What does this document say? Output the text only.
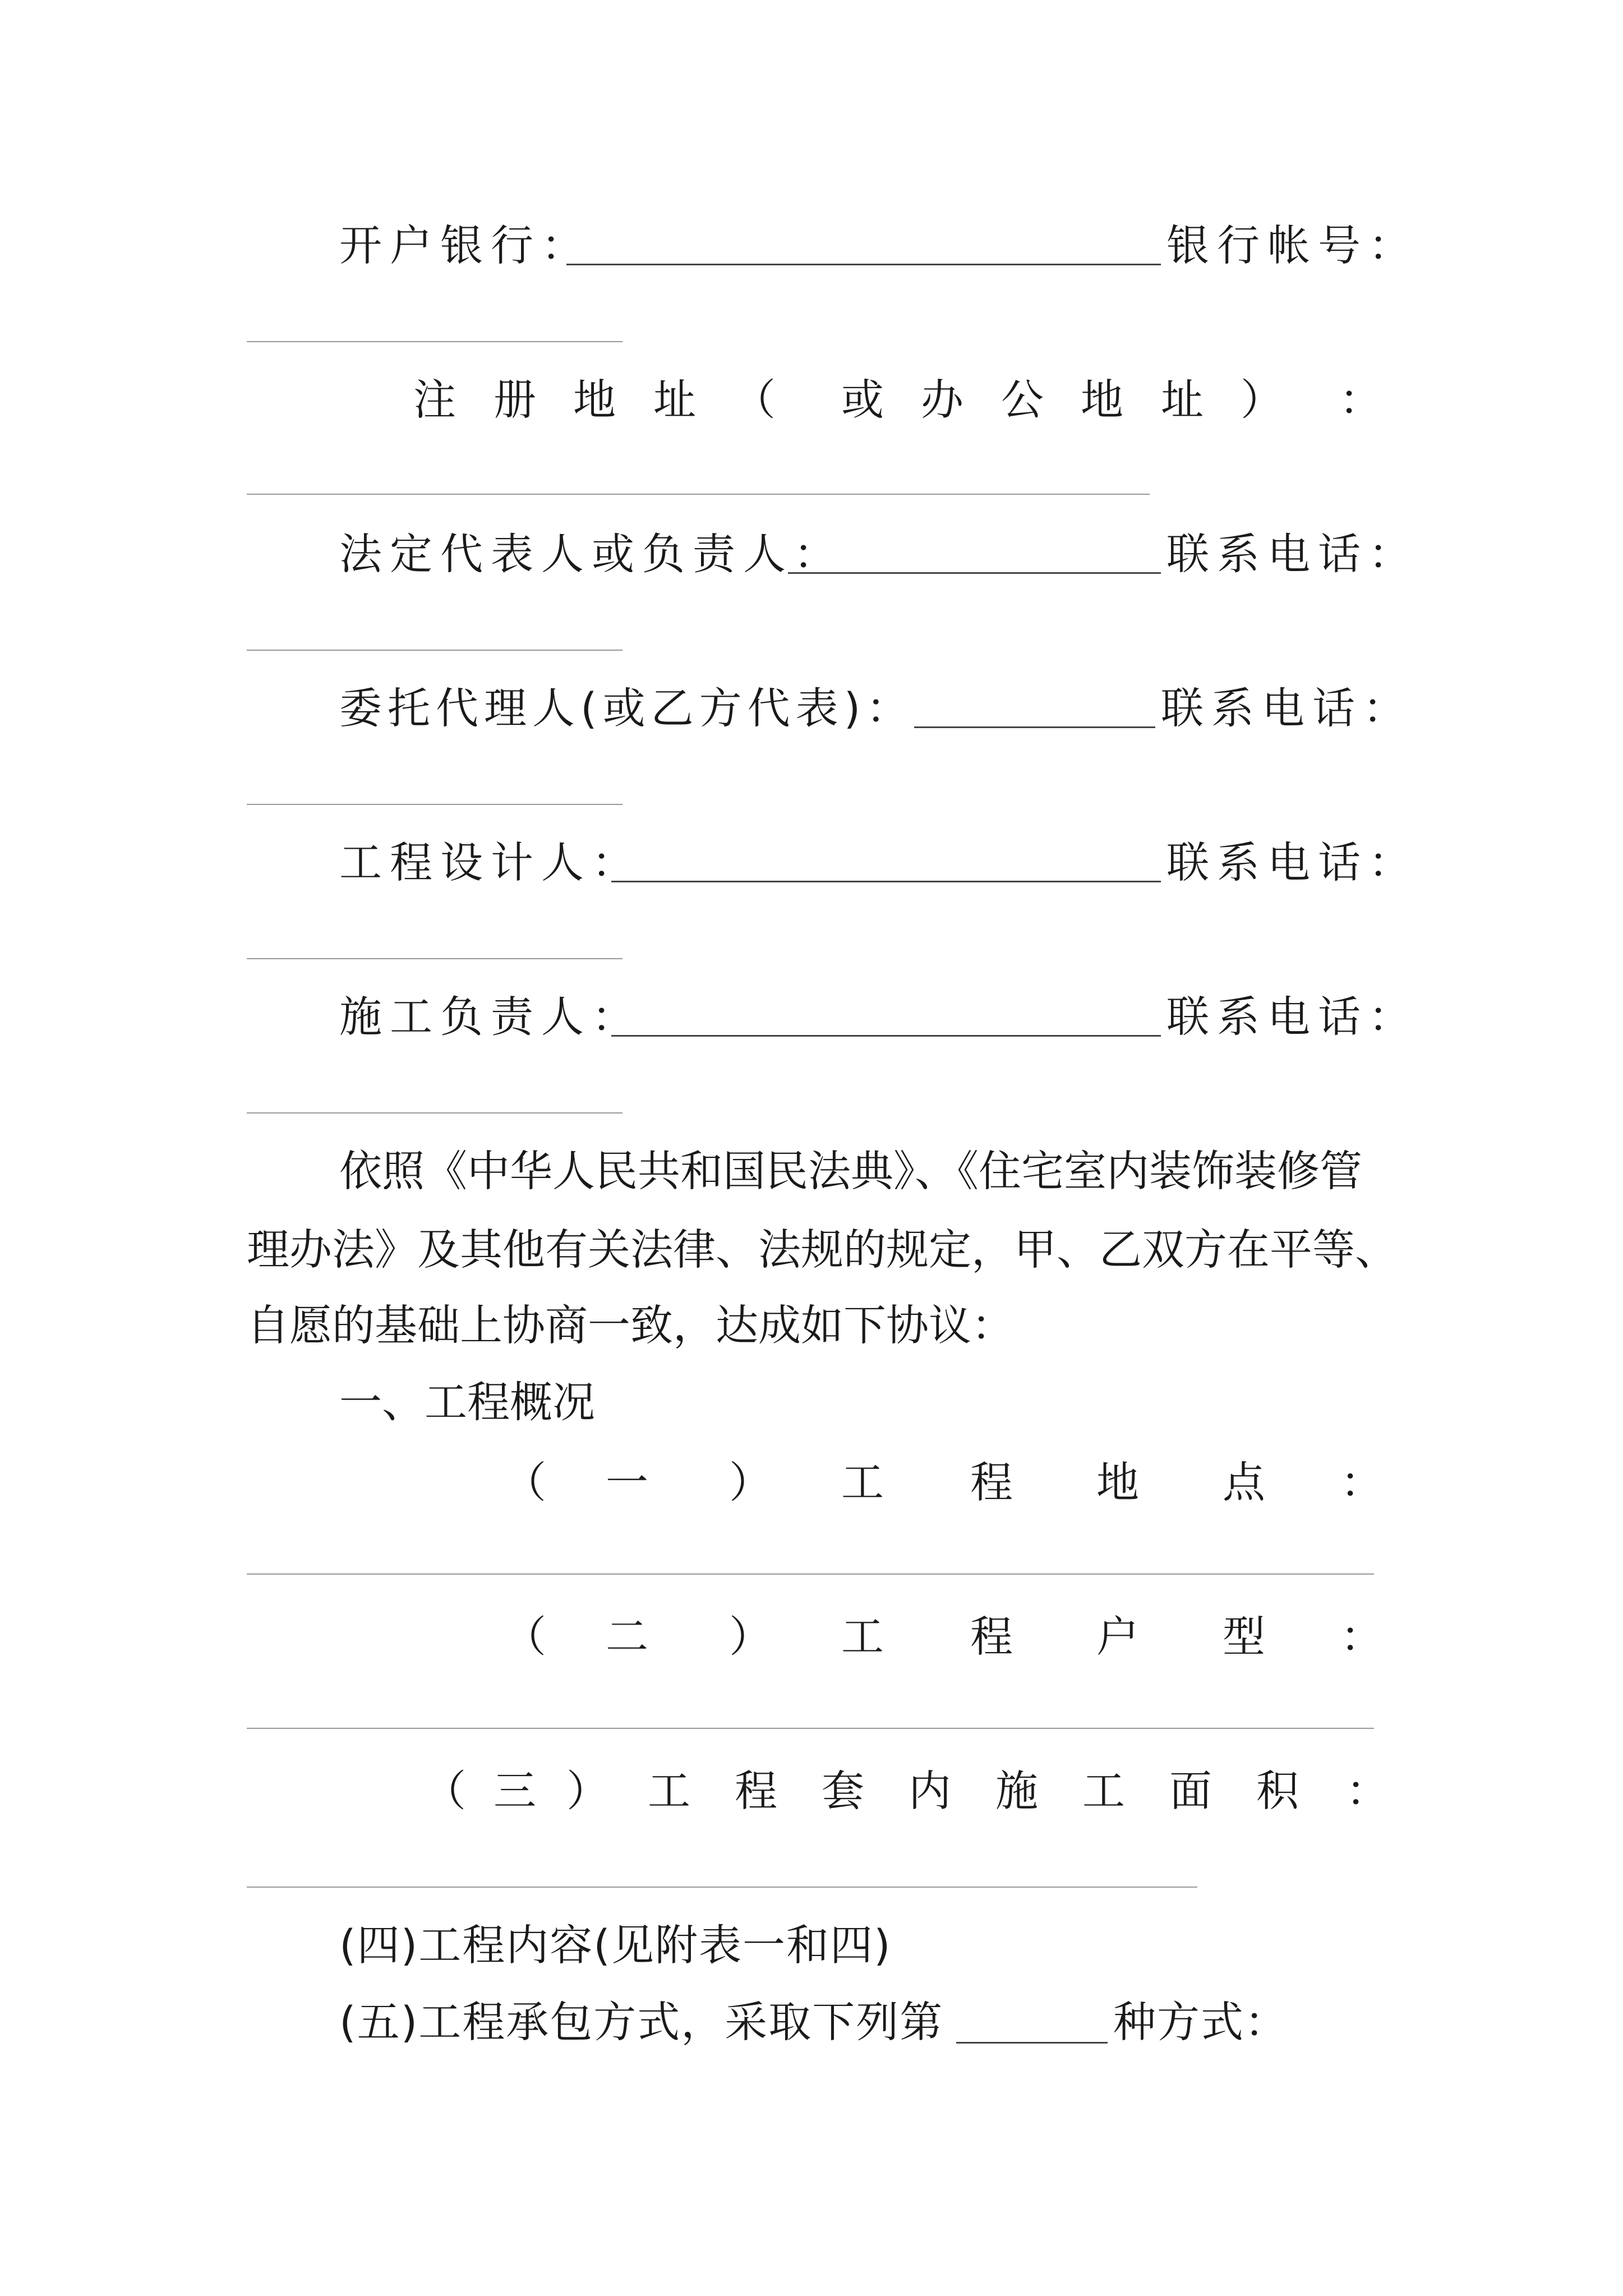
开户银行：	银行帐号：
注 册 地 址 （ 或 办 公 地 址 ） ：
法定代表人或负责人：	联系电话：
委托代理人(或乙方代表)：	联系电话：
工程设计人：	联系电话：
施工负责人：	联系电话：
依照《中华人民共和国民法典》、《住宅室内装饰装修管
理办法》及其他有关法律、法规的规定，甲、乙双方在平等、
自愿的基础上协商一致，达成如下协议：
一、工程概况
（ 一 ） 工 程 地 点 ：
（ 二 ） 工 程 户 型 ：
（ 三 ） 工 程 套 内 施 工 面 积 ：
(四)工程内容(见附表一和四)
(五)工程承包方式，采取下列第	种方式：
